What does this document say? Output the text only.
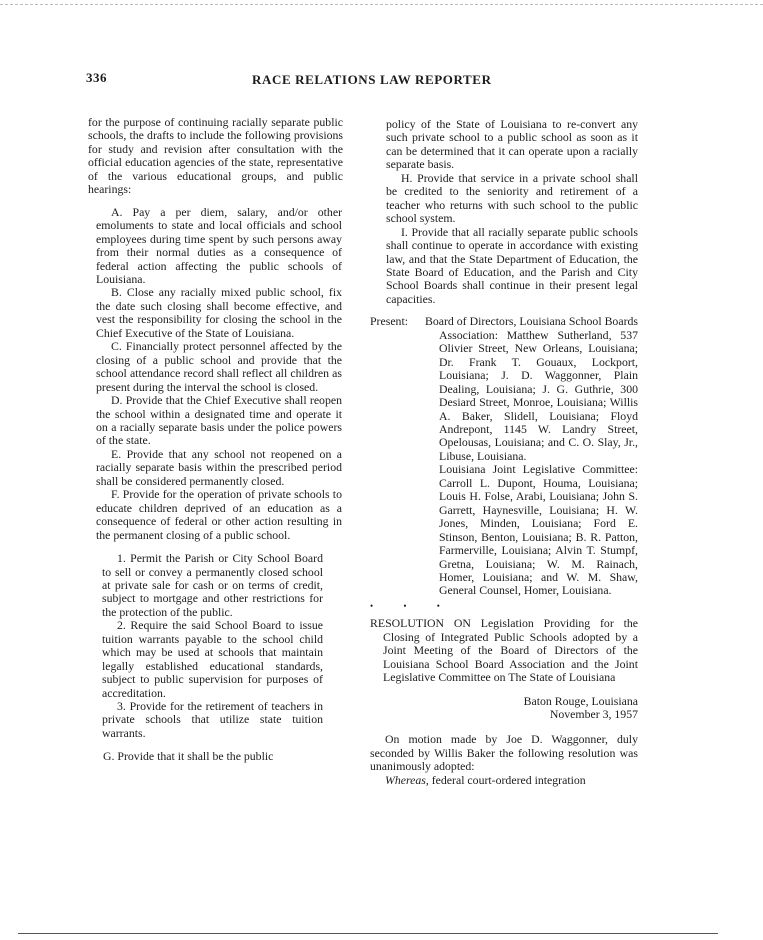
336	RACE RELATIONS LAW REPORTER

for the purpose of continuing racially separate public schools, the drafts to include the following provisions for study and revision after consultation with the official education agencies of the state, representative of the various educational groups, and public hearings:

A. Pay a per diem, salary, and/or other emoluments to state and local officials and school employees during time spent by such persons away from their normal duties as a consequence of federal action affecting the public schools of Louisiana.

B. Close any racially mixed public school, fix the date such closing shall become effective, and vest the responsibility for closing the school in the Chief Executive of the State of Louisiana.

C. Financially protect personnel affected by the closing of a public school and provide that the school attendance record shall reflect all children as present during the interval the school is closed.

D. Provide that the Chief Executive shall reopen the school within a designated time and operate it on a racially separate basis under the police powers of the state.

E. Provide that any school not reopened on a racially separate basis within the prescribed period shall be considered permanently closed.

F. Provide for the operation of private schools to educate children deprived of an education as a consequence of federal or other action resulting in the permanent closing of a public school.

1. Permit the Parish or City School Board to sell or convey a permanently closed school at private sale for cash or on terms of credit, subject to mortgage and other restrictions for the protection of the public.

2. Require the said School Board to issue tuition warrants payable to the school child which may be used at schools that maintain legally established educational standards, subject to public supervision for purposes of accreditation.

3. Provide for the retirement of teachers in private schools that utilize state tuition warrants.

G. Provide that it shall be the public

policy of the State of Louisiana to re-convert any such private school to a public school as soon as it can be determined that it can operate upon a racially separate basis.

H. Provide that service in a private school shall be credited to the seniority and retirement of a teacher who returns with such school to the public school system.

I. Provide that all racially separate public schools shall continue to operate in accordance with existing law, and that the State Department of Education, the State Board of Education, and the Parish and City School Boards shall continue in their present legal capacities.

Present:	Board of Directors, Louisiana School Boards Association: Matthew Sutherland, 537 Olivier Street, New Orleans, Louisiana; Dr. Frank T. Gouaux, Lockport, Louisiana; J. D. Waggonner, Plain Dealing, Louisiana; J. G. Guthrie, 300 Desiard Street, Monroe, Louisiana; Willis A. Baker, Slidell, Louisiana; Floyd Andrepont, 1145 W. Landry Street, Opelousas, Louisiana; and C. O. Slay, Jr., Libuse, Louisiana.

Louisiana Joint Legislative Committee: Carroll L. Dupont, Houma, Louisiana; Louis H. Folse, Arabi, Louisiana; John S. Garrett, Haynesville, Louisiana; H. W. Jones, Minden, Louisiana; Ford E. Stinson, Benton, Louisiana; B. R. Patton, Farmerville, Louisiana; Alvin T. Stumpf, Gretna, Louisiana; W. M. Rainach, Homer, Louisiana; and W. M. Shaw, General Counsel, Homer, Louisiana.

• • •

RESOLUTION ON Legislation Providing for the Closing of Integrated Public Schools adopted by a Joint Meeting of the Board of Directors of the Louisiana School Board Association and the Joint Legislative Committee on The State of Louisiana

Baton Rouge, Louisiana
November 3, 1957

On motion made by Joe D. Waggonner, duly seconded by Willis Baker the following resolution was unanimously adopted:

Whereas, federal court-ordered integration
